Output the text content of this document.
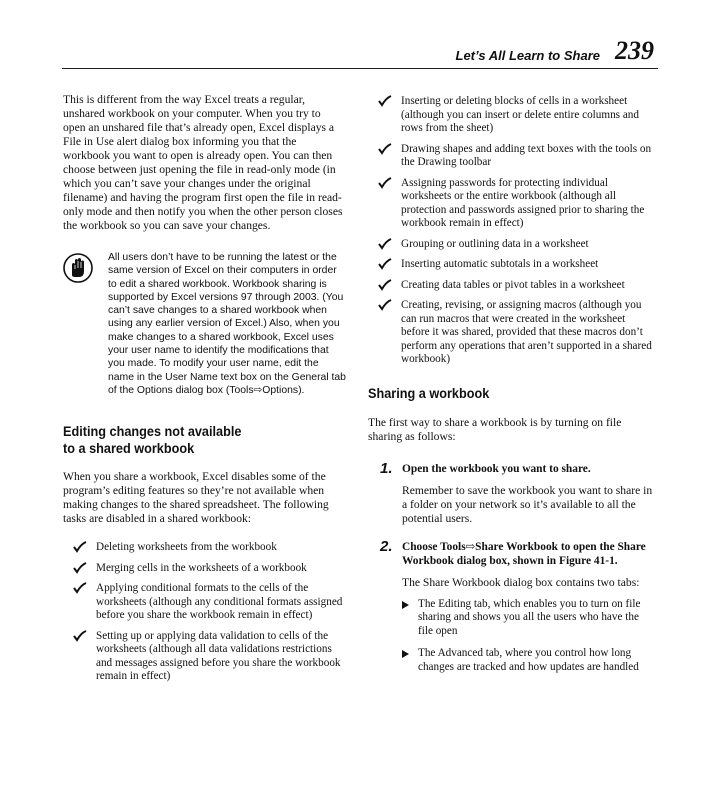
Let’s All Learn to Share 239

This is different from the way Excel treats a regular, unshared workbook on your computer. When you try to open an unshared file that’s already open, Excel displays a File in Use alert dialog box informing you that the workbook you want to open is already open. You can then choose between just opening the file in read-only mode (in which you can’t save your changes under the original filename) and having the program first open the file in read-only mode and then notify you when the other person closes the workbook so you can save your changes.

All users don’t have to be running the latest or the same version of Excel on their computers in order to edit a shared workbook. Workbook sharing is supported by Excel versions 97 through 2003. (You can’t save changes to a shared workbook when using any earlier version of Excel.) Also, when you make changes to a shared workbook, Excel uses your user name to identify the modifications that you made. To modify your user name, edit the name in the User Name text box on the General tab of the Options dialog box (Tools⇨Options).
Editing changes not available
to a shared workbook

When you share a workbook, Excel disables some of the program’s editing features so they’re not available when making changes to the shared spreadsheet. The following tasks are disabled in a shared workbook:

Deleting worksheets from the workbook
Merging cells in the worksheets of a workbook
Applying conditional formats to the cells of the worksheets (although any conditional formats assigned before you share the workbook remain in effect)
Setting up or applying data validation to cells of the worksheets (although all data validations restrictions and messages assigned before you share the workbook remain in effect)
Inserting or deleting blocks of cells in a worksheet (although you can insert or delete entire columns and rows from the sheet)
Drawing shapes and adding text boxes with the tools on the Drawing toolbar
Assigning passwords for protecting individual worksheets or the entire workbook (although all protection and passwords assigned prior to sharing the workbook remain in effect)
Grouping or outlining data in a worksheet
Inserting automatic subtotals in a worksheet
Creating data tables or pivot tables in a worksheet
Creating, revising, or assigning macros (although you can run macros that were created in the worksheet before it was shared, provided that these macros don’t perform any operations that aren’t supported in a shared workbook)
Sharing a workbook

The first way to share a workbook is by turning on file sharing as follows:

1. Open the workbook you want to share.

Remember to save the workbook you want to share in a folder on your network so it’s available to all the potential users.

2. Choose Tools⇨Share Workbook to open the Share Workbook dialog box, shown in Figure 41-1.

The Share Workbook dialog box contains two tabs:

The Editing tab, which enables you to turn on file sharing and shows you all the users who have the file open
The Advanced tab, where you control how long changes are tracked and how updates are handled
